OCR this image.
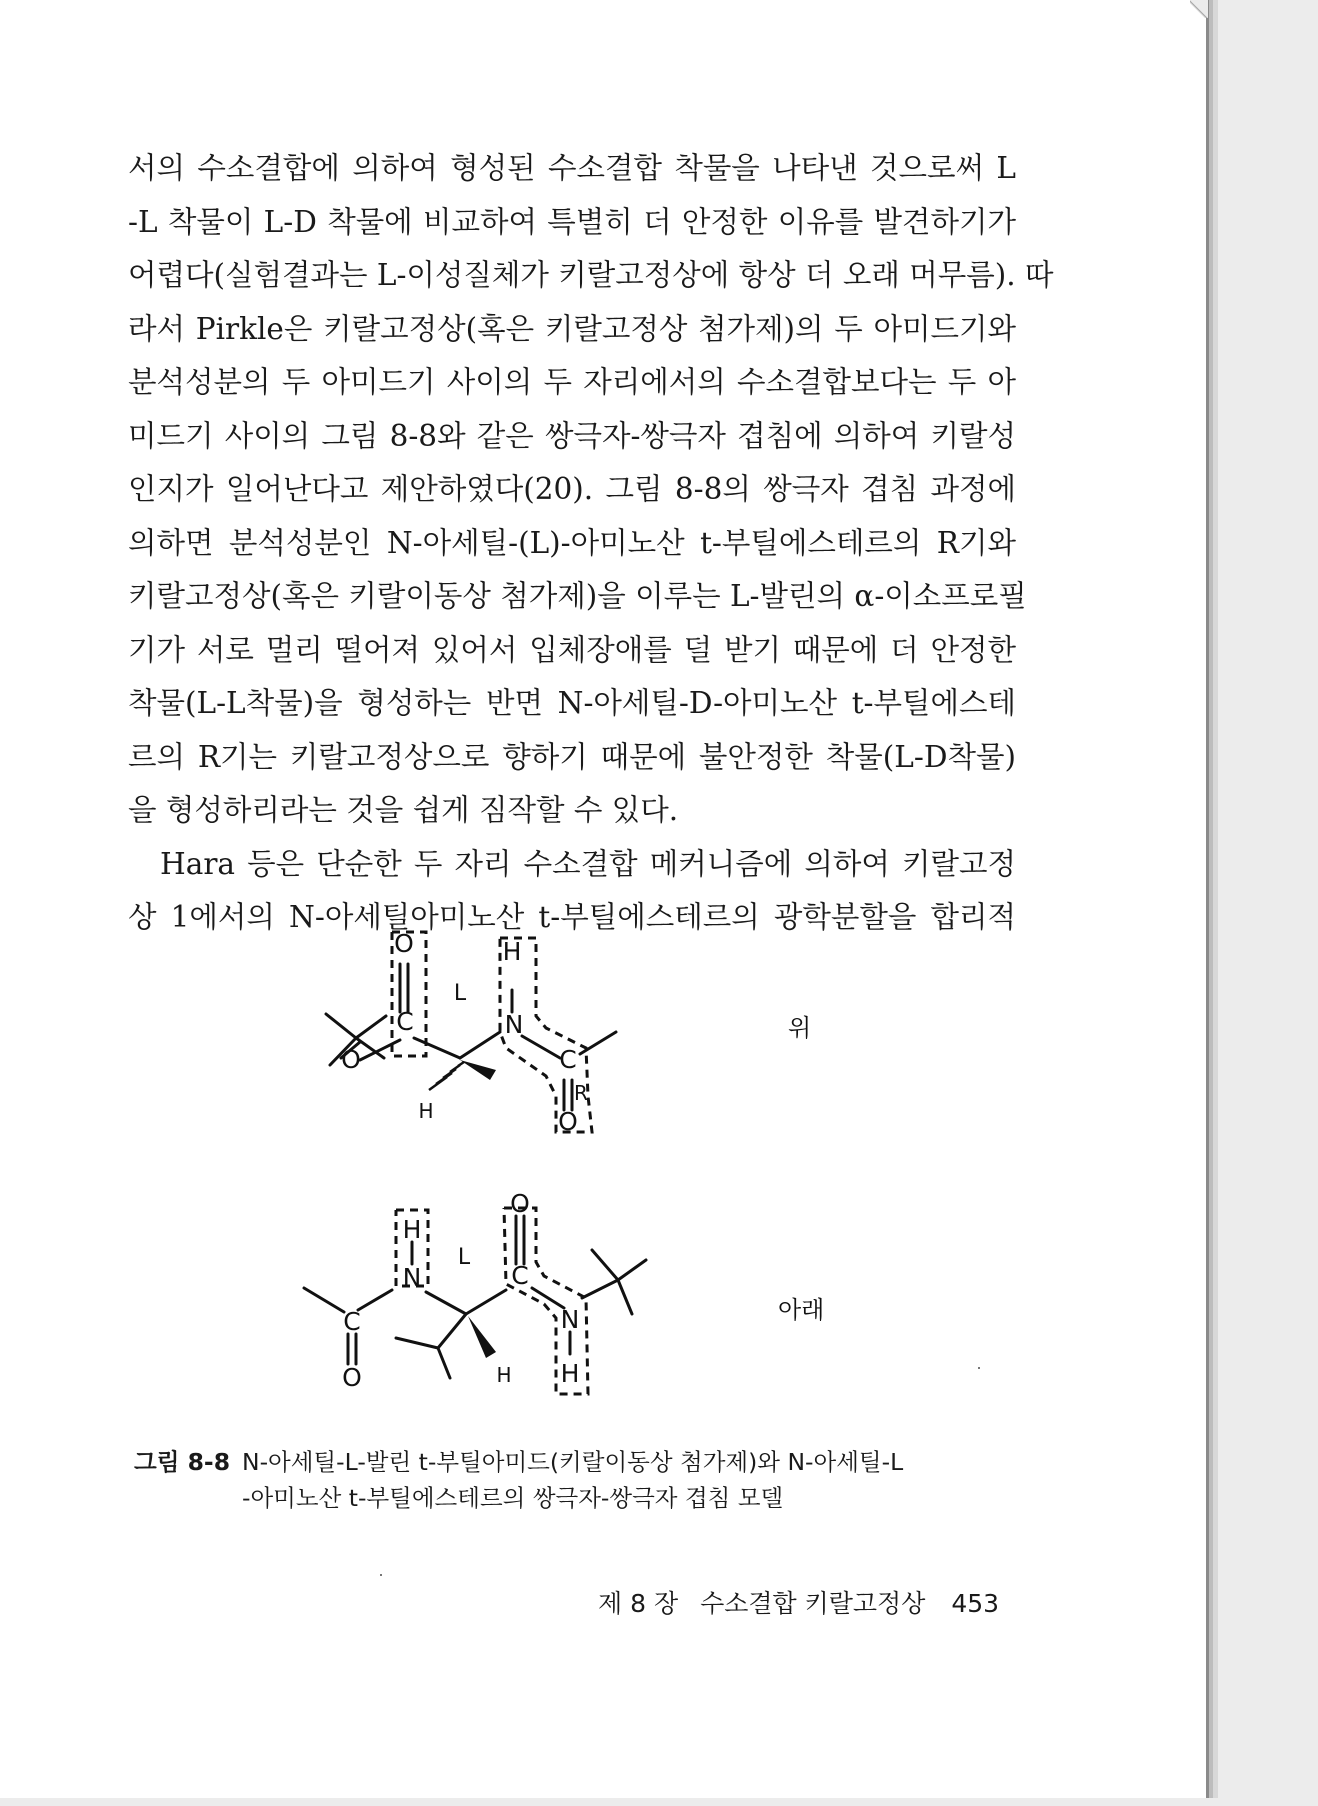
서의 수소결합에 의하여 형성된 수소결합 착물을 나타낸 것으로써 L
-L 착물이 L-D 착물에 비교하여 특별히 더 안정한 이유를 발견하기가
어렵다(실험결과는 L-이성질체가 키랄고정상에 항상 더 오래 머무름). 따
라서 Pirkle은 키랄고정상(혹은 키랄고정상 첨가제)의 두 아미드기와
분석성분의 두 아미드기 사이의 두 자리에서의 수소결합보다는 두 아
미드기 사이의 그림 8-8와 같은 쌍극자-쌍극자 겹침에 의하여 키랄성
인지가 일어난다고 제안하였다(20). 그림 8-8의 쌍극자 겹침 과정에
의하면 분석성분인 N-아세틸-(L)-아미노산 t-부틸에스테르의 R기와
키랄고정상(혹은 키랄이동상 첨가제)을 이루는 L-발린의 α-이소프로필
기가 서로 멀리 떨어져 있어서 입체장애를 덜 받기 때문에 더 안정한
착물(L-L착물)을 형성하는 반면 N-아세틸-D-아미노산 t-부틸에스테
르의 R기는 키랄고정상으로 향하기 때문에 불안정한 착물(L-D착물)
을 형성하리라는 것을 쉽게 짐작할 수 있다.
Hara 등은 단순한 두 자리 수소결합 메커니즘에 의하여 키랄고정
상 1에서의 N-아세틸아미노산 t-부틸에스테르의 광학분할을 합리적
O
C
O
H
N
C
O
L
H
R
H
N
C
O
O
C
N
H
L
H
위
아래
그림 8-8 N-아세틸-L-발린 t-부틸아미드(키랄이동상 첨가제)와 N-아세틸-L
-아미노산 t-부틸에스테르의 쌍극자-쌍극자 겹침 모델
제 8 장 수소결합 키랄고정상 453
